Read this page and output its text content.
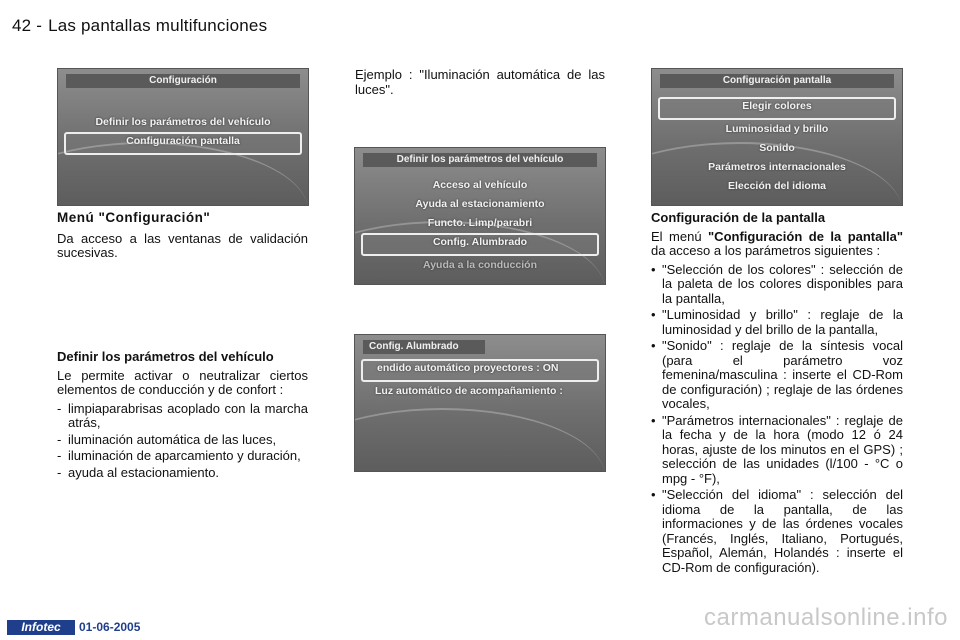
42 - Las pantallas multifunciones
Configuración
Definir los parámetros del vehículo
Configuración pantalla
Definir los parámetros del vehículo
Acceso al vehículo
Ayuda al estacionamiento
Functo. Limp/parabri
Config. Alumbrado
Ayuda a la conducción
Config. Alumbrado
endido automático proyectores : ON
Luz automático de acompañamiento :
Configuración pantalla
Elegir colores
Luminosidad y brillo
Sonido
Parámetros internacionales
Elección del idioma
Menú "Configuración"

Da acceso a las ventanas de validación sucesivas.

Definir los parámetros del vehículo

Le permite activar o neutralizar ciertos elementos de conducción y de confort :

- limpiaparabrisas acoplado con la marcha atrás,
- iluminación automática de las luces,
- iluminación de aparcamiento y duración,
- ayuda al estacionamiento.

Ejemplo : "Iluminación automática de las luces".

Configuración de la pantalla

El menú "Configuración de la pantalla" da acceso a los parámetros siguientes :

• "Selección de los colores" : selección de la paleta de los colores disponibles para la pantalla,
• "Luminosidad y brillo" : reglaje de la luminosidad y del brillo de la pantalla,
• "Sonido" : reglaje de la síntesis vocal (para el parámetro voz femenina/masculina : inserte el CD-Rom de configuración) ; reglaje de las órdenes vocales,
• "Parámetros internacionales" : reglaje de la fecha y de la hora (modo 12 ó 24 horas, ajuste de los minutos en el GPS) ; selección de las unidades (l/100 - °C o mpg - °F),
• "Selección del idioma" : selección del idioma de la pantalla, de las informaciones y de las órdenes vocales (Francés, Inglés, Italiano, Portugués, Español, Alemán, Holandés : inserte el CD-Rom de configuración).
Infotec	01-06-2005	carmanualsonline.info
